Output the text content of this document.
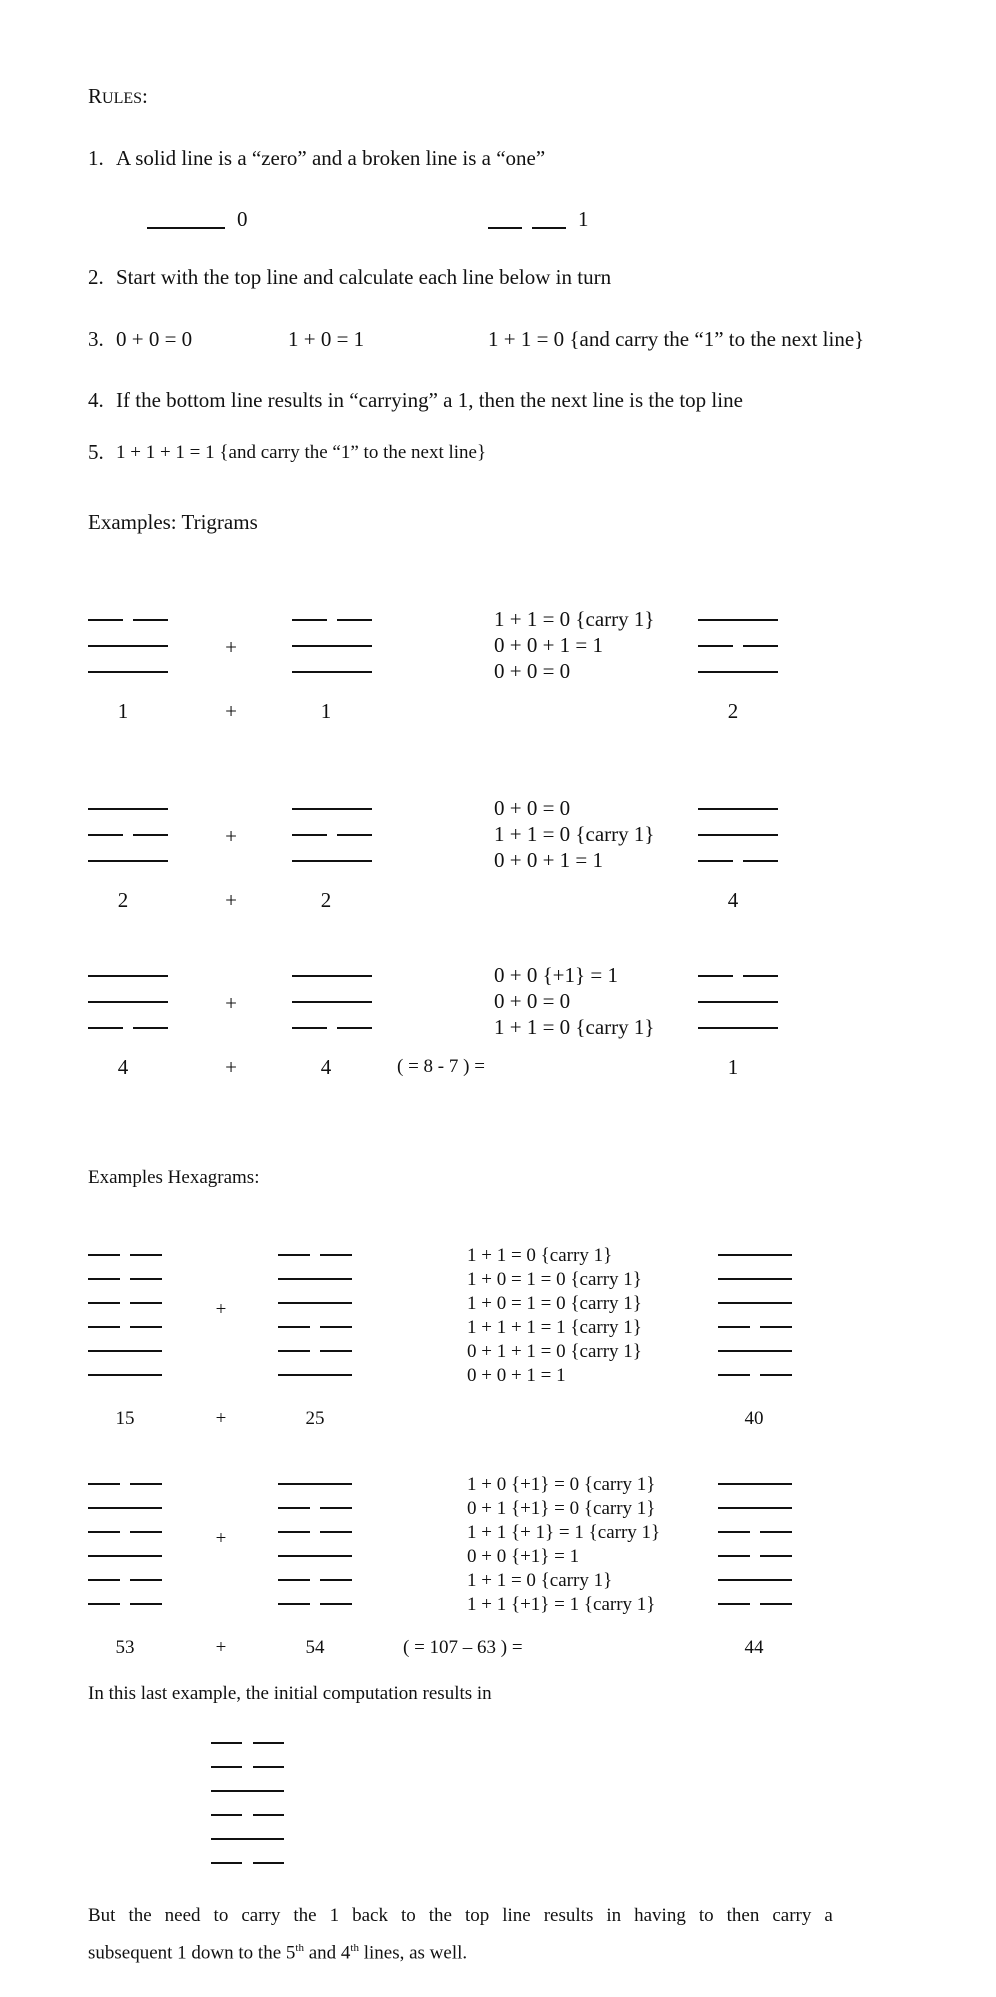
RULES:
1. A solid line is a “zero” and a broken line is a “one”
0	1
2. Start with the top line and calculate each line below in turn
3. 0 + 0 = 0	1 + 0 = 1	1 + 1 = 0 {and carry the “1” to the next line}
4. If the bottom line results in “carrying” a 1, then the next line is the top line
5. 1 + 1 + 1 = 1 {and carry the “1” to the next line}
Examples: Trigrams
+
1 + 1 = 0 {carry 1}
0 + 0 + 1 = 1
0 + 0 = 0
1	+	1	2
+
0 + 0 = 0
1 + 1 = 0 {carry 1}
0 + 0 + 1 = 1
2	+	2	4
+
0 + 0 {+1} = 1
0 + 0 = 0
1 + 1 = 0 {carry 1}
4	+	4	( = 8 - 7 ) =	1
Examples Hexagrams:
+
1 + 1 = 0 {carry 1}
1 + 0 = 1 = 0 {carry 1}
1 + 0 = 1 = 0 {carry 1}
1 + 1 + 1 = 1 {carry 1}
0 + 1 + 1 = 0 {carry 1}
0 + 0 + 1 = 1
15	+	25	40
+
1 + 0 {+1} = 0 {carry 1}
0 + 1 {+1} = 0 {carry 1}
1 + 1 {+ 1} = 1 {carry 1}
0 + 0 {+1} = 1
1 + 1 = 0 {carry 1}
1 + 1 {+1} = 1 {carry 1}
53	+	54	( = 107 – 63 ) =	44
In this last example, the initial computation results in
But the need to carry the 1 back to the top line results in having to then carry a
subsequent 1 down to the 5th and 4th lines, as well.
